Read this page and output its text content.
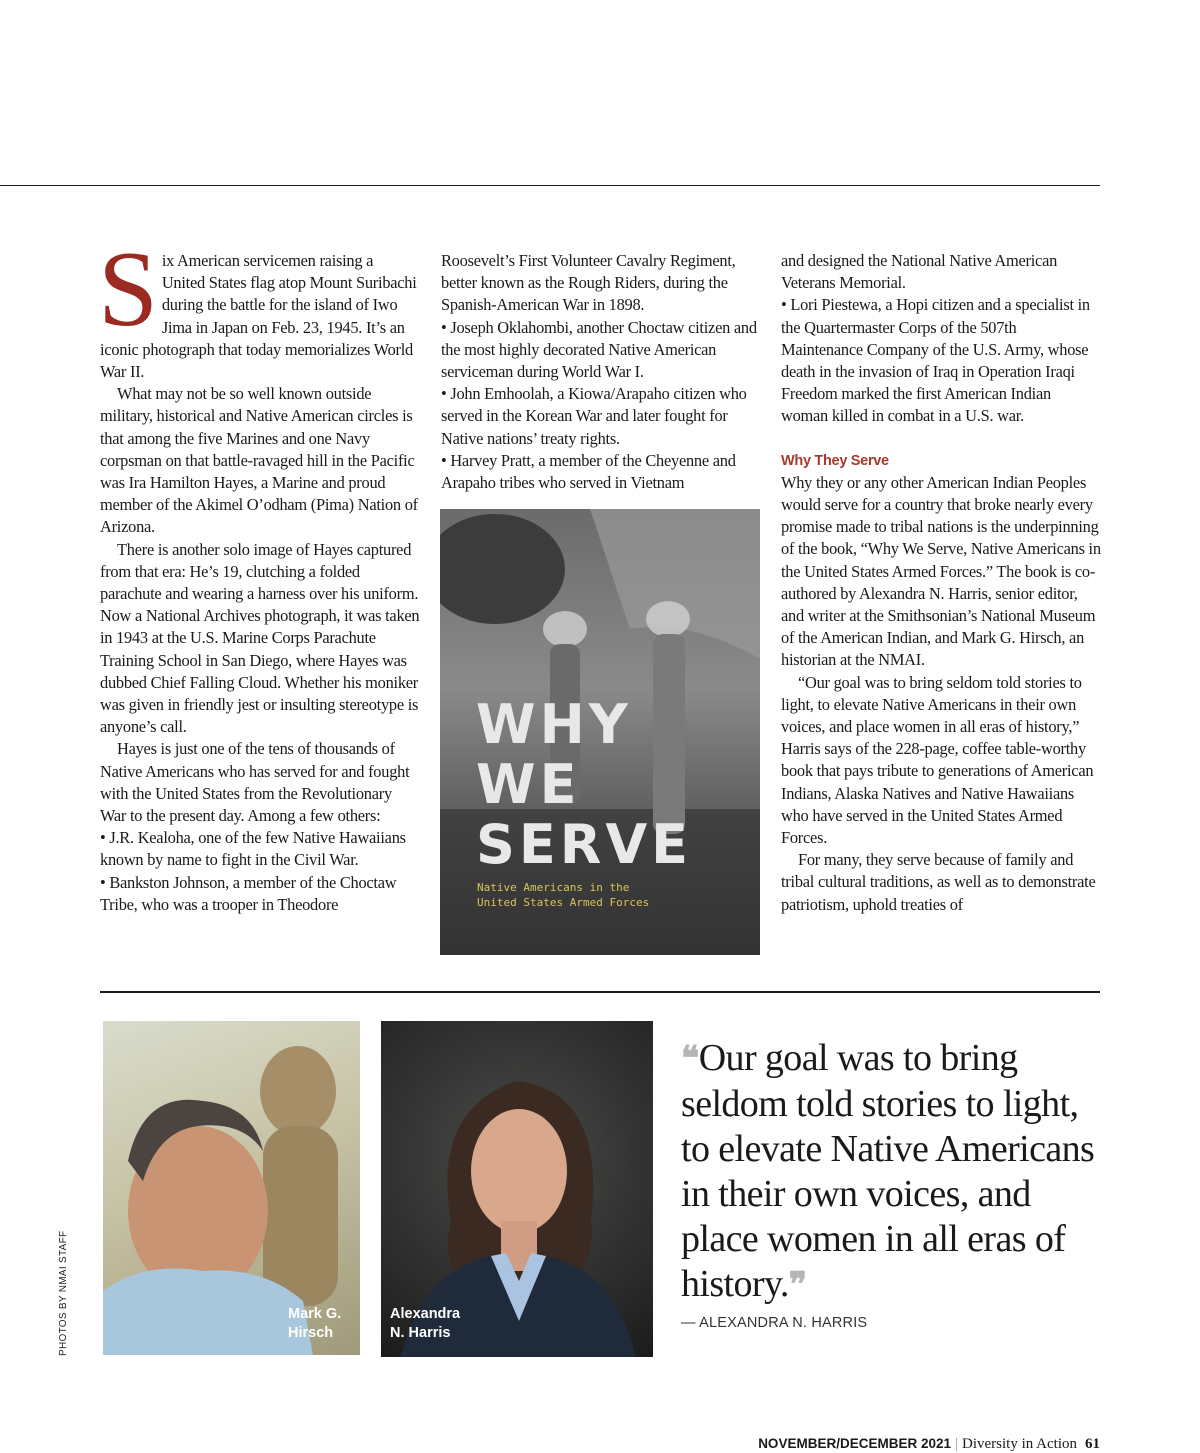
Six American servicemen raising a United States flag atop Mount Suribachi during the battle for the island of Iwo Jima in Japan on Feb. 23, 1945. It’s an iconic photograph that today memorializes World War II.

What may not be so well known outside military, historical and Native American circles is that among the five Marines and one Navy corpsman on that battle-ravaged hill in the Pacific was Ira Hamilton Hayes, a Marine and proud member of the Akimel O’odham (Pima) Nation of Arizona.

There is another solo image of Hayes captured from that era: He’s 19, clutching a folded parachute and wearing a harness over his uniform. Now a National Archives photograph, it was taken in 1943 at the U.S. Marine Corps Parachute Training School in San Diego, where Hayes was dubbed Chief Falling Cloud. Whether his moniker was given in friendly jest or insulting stereotype is anyone’s call.

Hayes is just one of the tens of thousands of Native Americans who has served for and fought with the United States from the Revolutionary War to the present day. Among a few others:

• J.R. Kealoha, one of the few Native Hawaiians known by name to fight in the Civil War.

• Bankston Johnson, a member of the Choctaw Tribe, who was a trooper in Theodore

Roosevelt’s First Volunteer Cavalry Regiment, better known as the Rough Riders, during the Spanish-American War in 1898.

• Joseph Oklahombi, another Choctaw citizen and the most highly decorated Native American serviceman during World War I.

• John Emhoolah, a Kiowa/Arapaho citizen who served in the Korean War and later fought for Native nations’ treaty rights.

• Harvey Pratt, a member of the Cheyenne and Arapaho tribes who served in Vietnam

WHY
WE
SERVE
Native Americans in the
United States Armed Forces

and designed the National Native American Veterans Memorial.

• Lori Piestewa, a Hopi citizen and a specialist in the Quartermaster Corps of the 507th Maintenance Company of the U.S. Army, whose death in the invasion of Iraq in Operation Iraqi Freedom marked the first American Indian woman killed in combat in a U.S. war.

Why They Serve

Why they or any other American Indian Peoples would serve for a country that broke nearly every promise made to tribal nations is the underpinning of the book, “Why We Serve, Native Americans in the United States Armed Forces.” The book is co-authored by Alexandra N. Harris, senior editor, and writer at the Smithsonian’s National Museum of the American Indian, and Mark G. Hirsch, an historian at the NMAI.

“Our goal was to bring seldom told stories to light, to elevate Native Americans in their own voices, and place women in all eras of history,” Harris says of the 228-page, coffee table-worthy book that pays tribute to generations of American Indians, Alaska Natives and Native Hawaiians who have served in the United States Armed Forces.

For many, they serve because of family and tribal cultural traditions, as well as to demonstrate patriotism, uphold treaties of

PHOTOS BY NMAI STAFF	Mark G.
Hirsch
Alexandra
N. Harris
❝Our goal was to bring seldom told stories to light, to elevate Native Americans in their own voices, and place women in all eras of history.❞
— ALEXANDRA N. HARRIS
NOVEMBER/DECEMBER 2021 | Diversity in Action 61
